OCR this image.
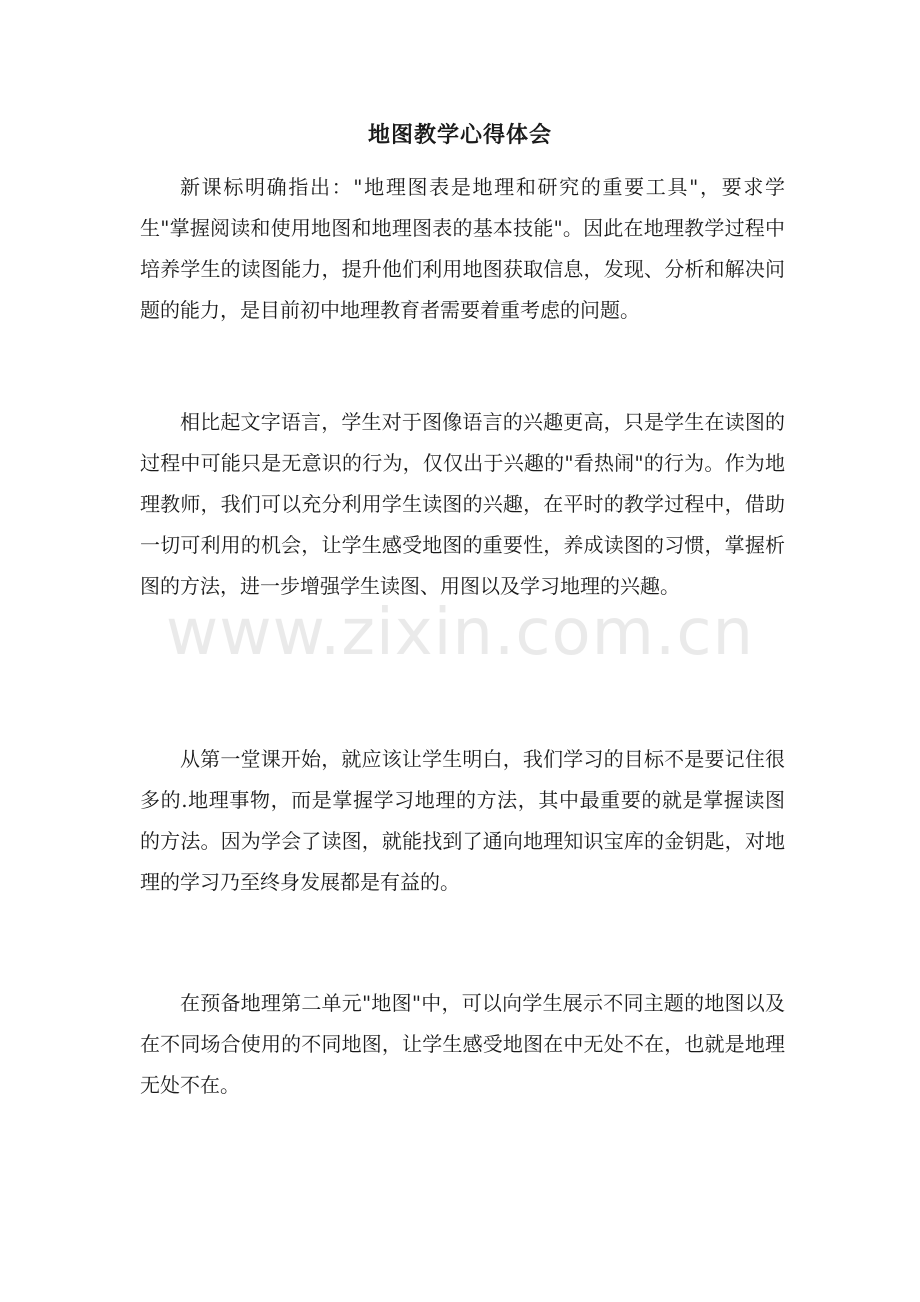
地图教学心得体会

新课标明确指出："地理图表是地理和研究的重要工具"，要求学生"掌握阅读和使用地图和地理图表的基本技能"。因此在地理教学过程中培养学生的读图能力，提升他们利用地图获取信息，发现、分析和解决问题的能力，是目前初中地理教育者需要着重考虑的问题。

相比起文字语言，学生对于图像语言的兴趣更高，只是学生在读图的过程中可能只是无意识的行为，仅仅出于兴趣的"看热闹"的行为。作为地理教师，我们可以充分利用学生读图的兴趣，在平时的教学过程中，借助一切可利用的机会，让学生感受地图的重要性，养成读图的习惯，掌握析图的方法，进一步增强学生读图、用图以及学习地理的兴趣。

从第一堂课开始，就应该让学生明白，我们学习的目标不是要记住很多的.地理事物，而是掌握学习地理的方法，其中最重要的就是掌握读图的方法。因为学会了读图，就能找到了通向地理知识宝库的金钥匙，对地理的学习乃至终身发展都是有益的。

在预备地理第二单元"地图"中，可以向学生展示不同主题的地图以及在不同场合使用的不同地图，让学生感受地图在中无处不在，也就是地理无处不在。

www.zixin.com.cn
